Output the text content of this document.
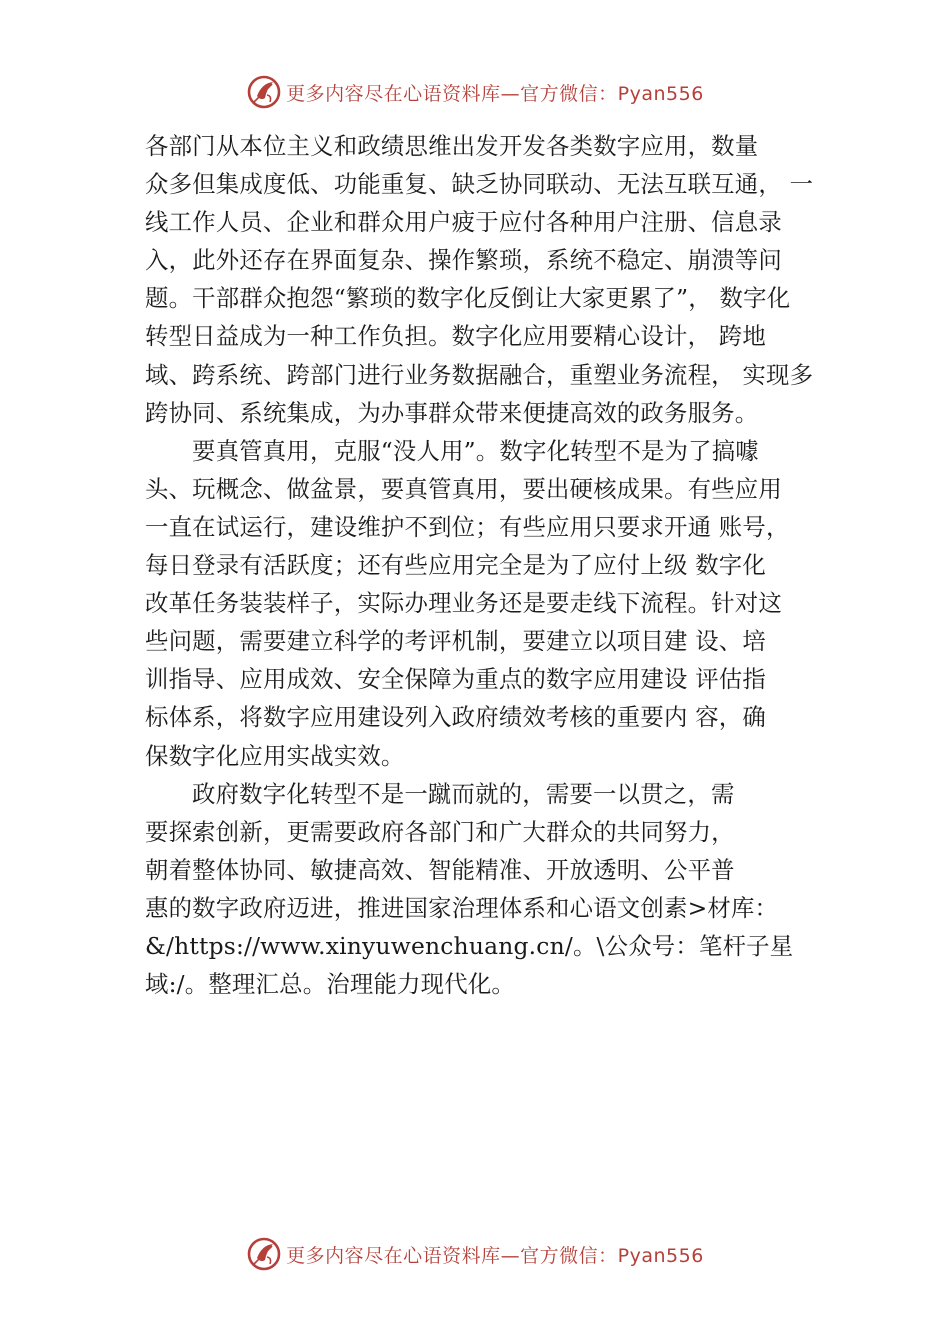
更多内容尽在心语资料库—官方微信：Pyan556

各部门从本位主义和政绩思维出发开发各类数字应用，数量
众多但集成度低、功能重复、缺乏协同联动、无法互联互通， 一
线工作人员、企业和群众用户疲于应付各种用户注册、信息录
入，此外还存在界面复杂、操作繁琐，系统不稳定、崩溃等问
题。干部群众抱怨“繁琐的数字化反倒让大家更累了”， 数字化
转型日益成为一种工作负担。数字化应用要精心设计， 跨地
域、跨系统、跨部门进行业务数据融合，重塑业务流程， 实现多
跨协同、系统集成，为办事群众带来便捷高效的政务服务。

要真管真用，克服“没人用”。数字化转型不是为了搞噱
头、玩概念、做盆景，要真管真用，要出硬核成果。有些应用
一直在试运行，建设维护不到位；有些应用只要求开通 账号，
每日登录有活跃度；还有些应用完全是为了应付上级 数字化
改革任务装装样子，实际办理业务还是要走线下流程。针对这
些问题，需要建立科学的考评机制，要建立以项目建 设、培
训指导、应用成效、安全保障为重点的数字应用建设 评估指
标体系，将数字应用建设列入政府绩效考核的重要内 容，确
保数字化应用实战实效。

政府数字化转型不是一蹴而就的，需要一以贯之，需
要探索创新，更需要政府各部门和广大群众的共同努力，
朝着整体协同、敏捷高效、智能精准、开放透明、公平普
惠的数字政府迈进，推进国家治理体系和心语文创素>材库：
&/https://www.xinyuwenchuang.cn/。\公众号：笔杆子星
域:/。整理汇总。治理能力现代化。

更多内容尽在心语资料库—官方微信：Pyan556
